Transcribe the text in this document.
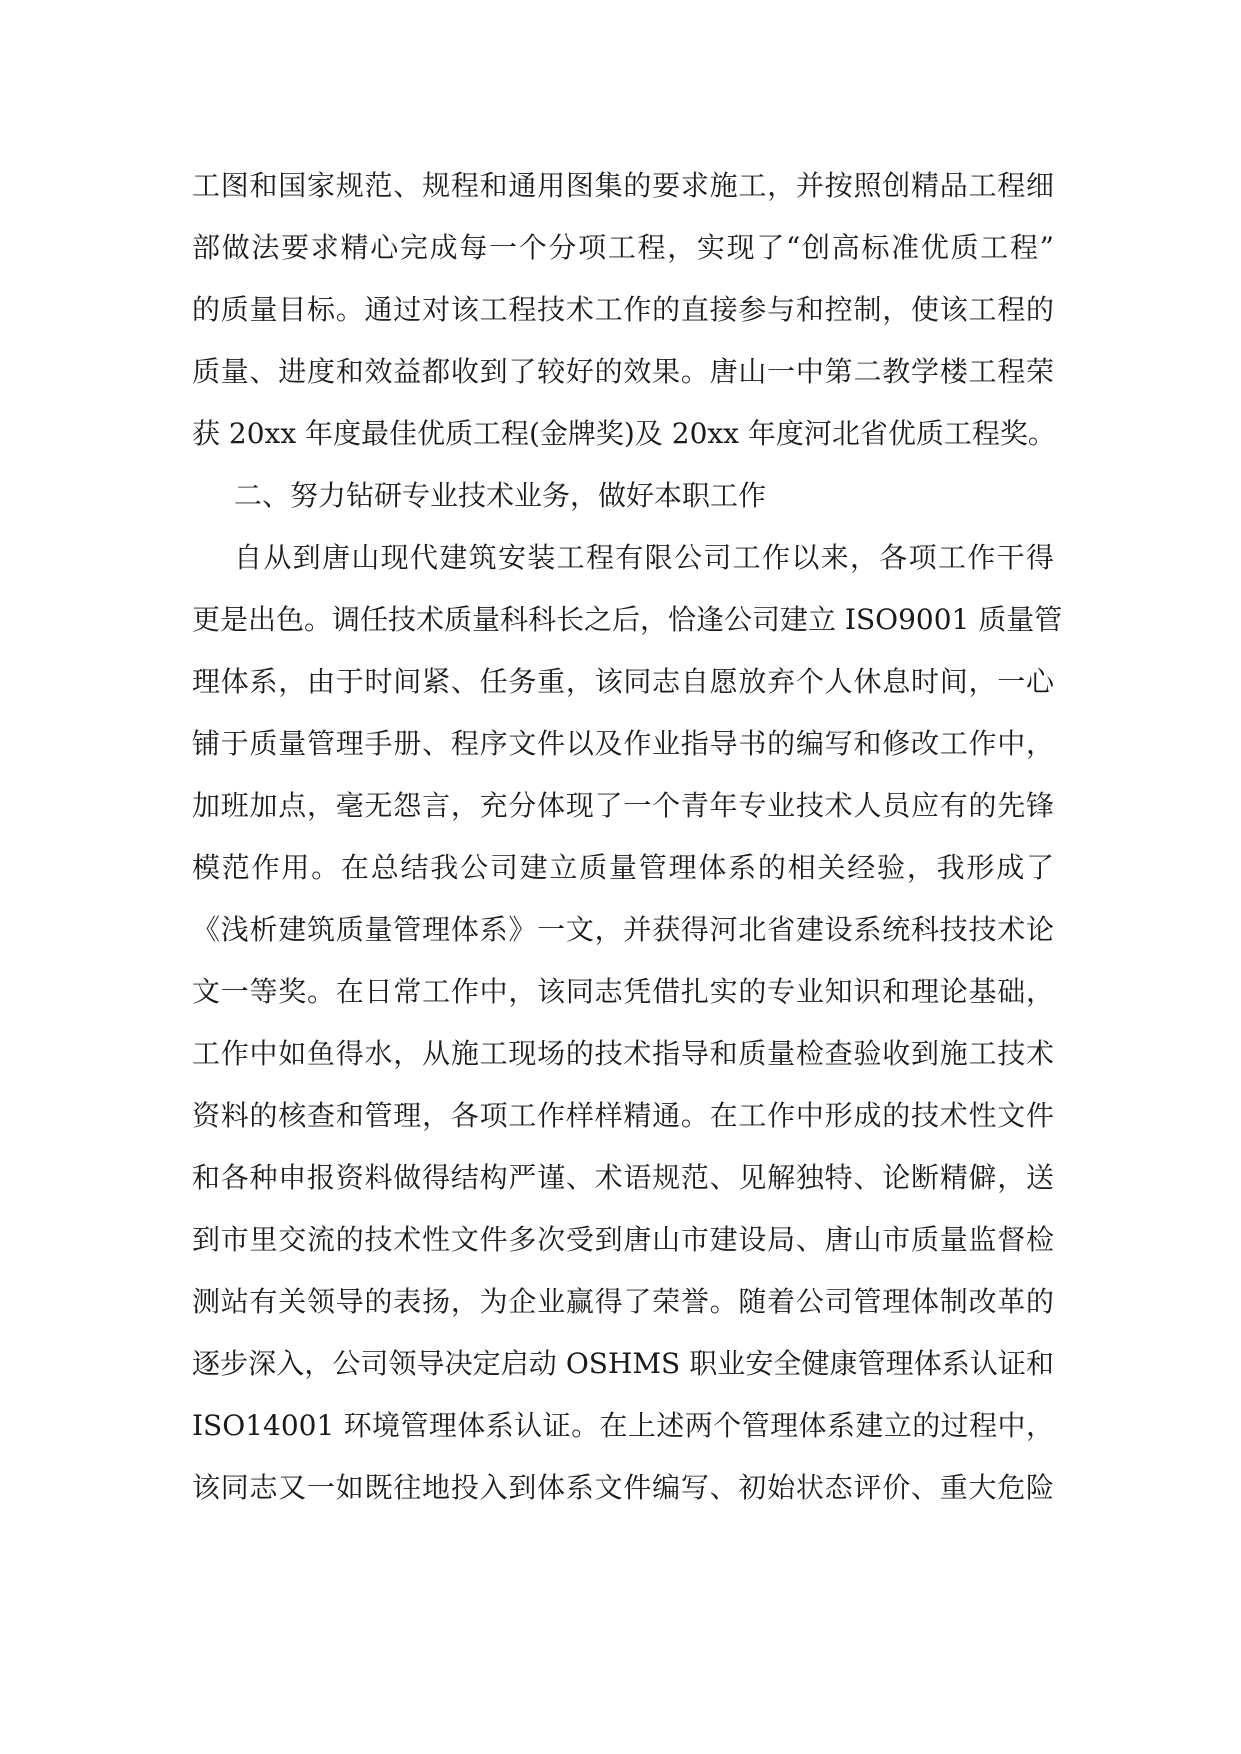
工图和国家规范、规程和通用图集的要求施工，并按照创精品工程细
部做法要求精心完成每一个分项工程，实现了“创高标准优质工程”
的质量目标。通过对该工程技术工作的直接参与和控制，使该工程的
质量、进度和效益都收到了较好的效果。唐山一中第二教学楼工程荣
获 20xx 年度最佳优质工程(金牌奖)及 20xx 年度河北省优质工程奖。
二、努力钻研专业技术业务，做好本职工作
自从到唐山现代建筑安装工程有限公司工作以来，各项工作干得
更是出色。调任技术质量科科长之后，恰逢公司建立 ISO9001 质量管
理体系，由于时间紧、任务重，该同志自愿放弃个人休息时间，一心
铺于质量管理手册、程序文件以及作业指导书的编写和修改工作中，
加班加点，毫无怨言，充分体现了一个青年专业技术人员应有的先锋
模范作用。在总结我公司建立质量管理体系的相关经验，我形成了
《浅析建筑质量管理体系》一文，并获得河北省建设系统科技技术论
文一等奖。在日常工作中，该同志凭借扎实的专业知识和理论基础，
工作中如鱼得水，从施工现场的技术指导和质量检查验收到施工技术
资料的核查和管理，各项工作样样精通。在工作中形成的技术性文件
和各种申报资料做得结构严谨、术语规范、见解独特、论断精僻，送
到市里交流的技术性文件多次受到唐山市建设局、唐山市质量监督检
测站有关领导的表扬，为企业赢得了荣誉。随着公司管理体制改革的
逐步深入，公司领导决定启动 OSHMS 职业安全健康管理体系认证和
ISO14001 环境管理体系认证。在上述两个管理体系建立的过程中，
该同志又一如既往地投入到体系文件编写、初始状态评价、重大危险
